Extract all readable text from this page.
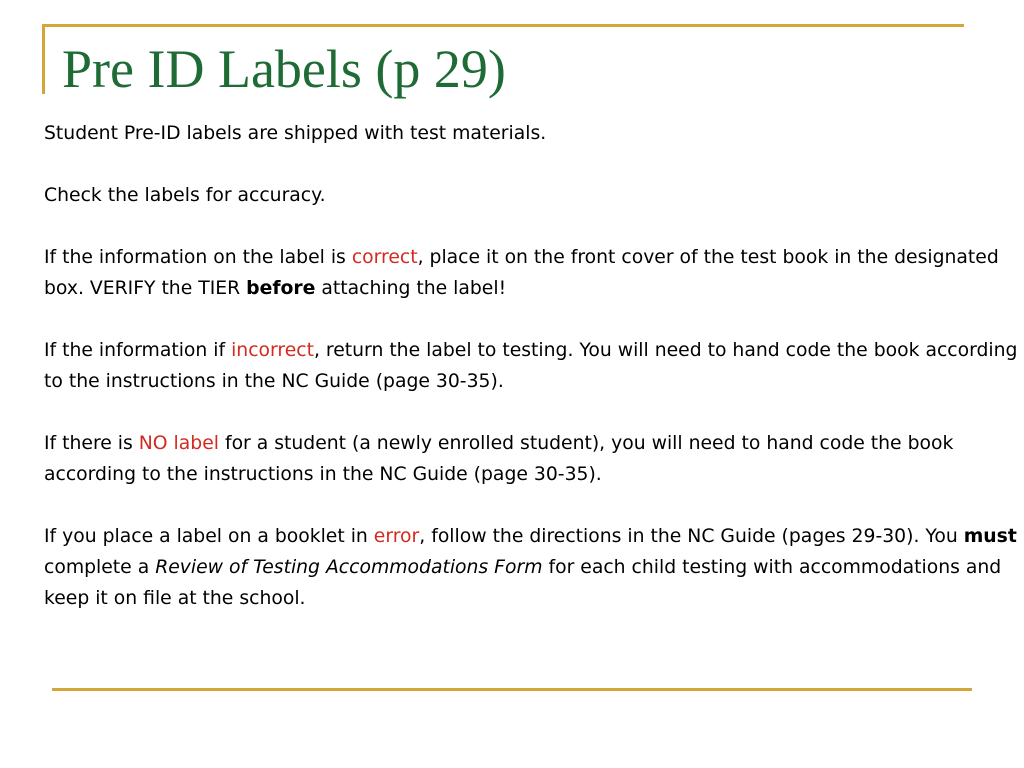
Pre ID Labels (p 29)

Student Pre-ID labels are shipped with test materials.

Check the labels for accuracy.

If the information on the label is correct, place it on the front cover of the test book in the designated box. VERIFY the TIER before attaching the label!

If the information if incorrect, return the label to testing. You will need to hand code the book according to the instructions in the NC Guide (page 30-35).

If there is NO label for a student (a newly enrolled student), you will need to hand code the book according to the instructions in the NC Guide (page 30-35).

If you place a label on a booklet in error, follow the directions in the NC Guide (pages 29-30). You must complete a Review of Testing Accommodations Form for each child testing with accommodations and keep it on file at the school.
